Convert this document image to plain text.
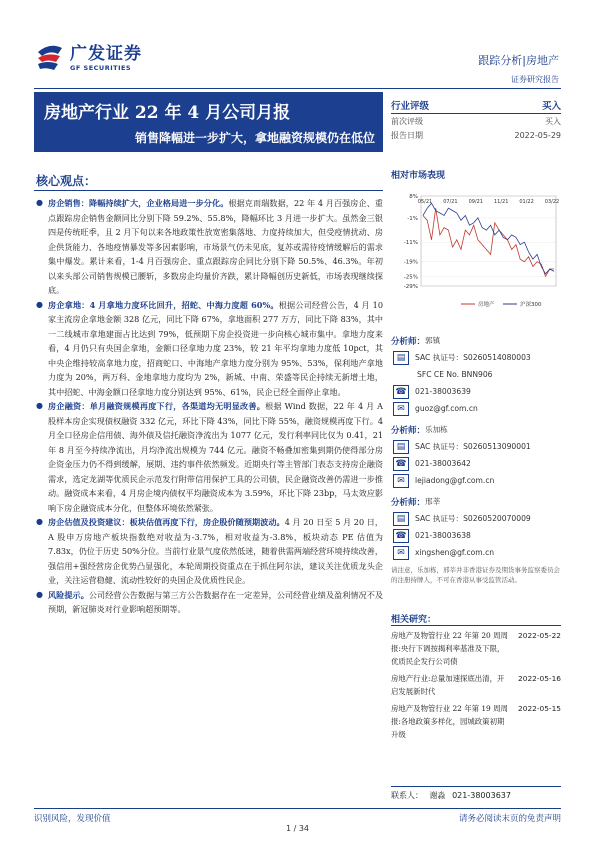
广发证券
GF SECURITIES
跟踪分析|房地产
证券研究报告
房地产行业 22 年 4 月公司月报
销售降幅进一步扩大，拿地融资规模仍在低位
行业评级	买入
前次评级	买入
报告日期	2022-05-29
核心观点：

● 房企销售：降幅持续扩大，企业格局进一步分化。根据克而瑞数据，22 年 4 月百强房企、重点跟踪房企销售金额同比分别下降 59.2%、55.8%，降幅环比 3 月进一步扩大。虽然金三银四是传统旺季，且 2 月下旬以来各地政策性放宽密集落地、力度持续加大，但受疫情扰动、房企供货能力、各地疫情暴发等多因素影响，市场景气仍未见底，复苏或需待疫情缓解后的需求集中爆发。累计来看，1-4 月百强房企、重点跟踪房企同比分别下降 50.5%、46.3%。年初以来头部公司销售规模已腰斩，多数房企均量价齐跌，累计降幅创历史新低，市场表现继续探底。

● 房企拿地：4 月拿地力度环比回升，招蛇、中海力度超 60%。根据公司经营公告，4 月 10 家主流房企拿地金额 328 亿元，同比下降 67%，拿地面积 277 万方，同比下降 83%，其中一二线城市拿地建面占比达到 79%，低预期下房企投资进一步向核心城市集中。拿地力度来看，4 月仍只有央国企拿地，金额口径拿地力度 23%，较 21 年平均拿地力度低 10pct，其中央企维持较高拿地力度，招商蛇口、中海地产拿地力度分别为 95%、53%，保利地产拿地力度为 20%，两万科、金地拿地力度均为 2%，新城、中南、荣盛等民企持续无新增土地，其中招蛇、中海金额口径拿地力度分别达到 95%、61%，民企已经全面停止拿地。

● 房企融资：单月融资规模再度下行，各渠道均无明显改善。根据 Wind 数据，22 年 4 月 A 股样本房企实现债权融资 332 亿元，环比下降 43%，同比下降 55%，融资规模再度下行。4 月全口径房企信用债、海外债及信托融资净流出为 1077 亿元，发行利率同比仅为 0.41，21 年 8 月至今持续净流出，月均净流出规模为 744 亿元。融资不畅叠加密集到期仍使得部分房企资金压力仍不得到缓解，展期、违约事件依然频发。近期央行等主管部门表态支持房企融资需求，选定龙湖等优质民企示范发行附带信用保护工具的公司债，民企融资改善仍需进一步推动。融资成本来看，4 月房企境内债权平均融资成本为 3.59%，环比下降 23bp，马太效应影响下房企融资成本分化，但整体环境依然紧张。

● 房企估值及投资建议：板块估值再度下行，房企股价随预期波动。4 月 20 日至 5 月 20 日，A 股申万房地产板块指数绝对收益为-3.7%，相对收益为-3.8%，板块动态 PE 估值为 7.83x，仍位于历史 50%分位。当前行业景气度依然低迷，随着供需两端经营环境持续改善，强信用+强经营房企优势凸显强化，本轮周期投资重点在于抓住阿尔法，建议关注优质龙头企业，关注运营稳健、流动性较好的央国企及优质性民企。

● 风险提示。公司经营公告数据与第三方公告数据存在一定差异，公司经营业绩及盈利情况不及预期，新冠肺炎对行业影响超预期等。

相对市场表现
8%
-1%
-11%
-19%
-25%
-29%
05/21 07/21 09/21 11/21 01/22 03/22
房地产	沪深300
分析师： 郭镇
▤	SAC 执证号：S0260514080003
SFC CE No. BNN906
☎	021-38003639
✉	guoz@gf.com.cn
分析师： 乐加栋
▤	SAC 执证号：S0260513090001
☎	021-38003642
✉	lejiadong@gf.com.cn
分析师： 邢莘
▤	SAC 执证号：S0260520070009
☎	021-38003638
✉	xingshen@gf.com.cn
请注意，乐加栋，邢莘并非香港证券及期货事务监察委员会的注册持牌人，不可在香港从事受监管活动。
相关研究：
房地产及物管行业 22 年第 20 周周报:央行下调按揭利率基准及下限，优质民企发行公司债
2022-05-22
房地产行业:总量加速探底出清，开启发展新时代
2022-05-16
房地产及物管行业 22 年第 19 周周报:各地政策多样化，园城政策初期升级
2022-05-15
联系人： 谢淼 021-38003637
识别风险，发现价值	请务必阅读末页的免责声明
1 / 34
